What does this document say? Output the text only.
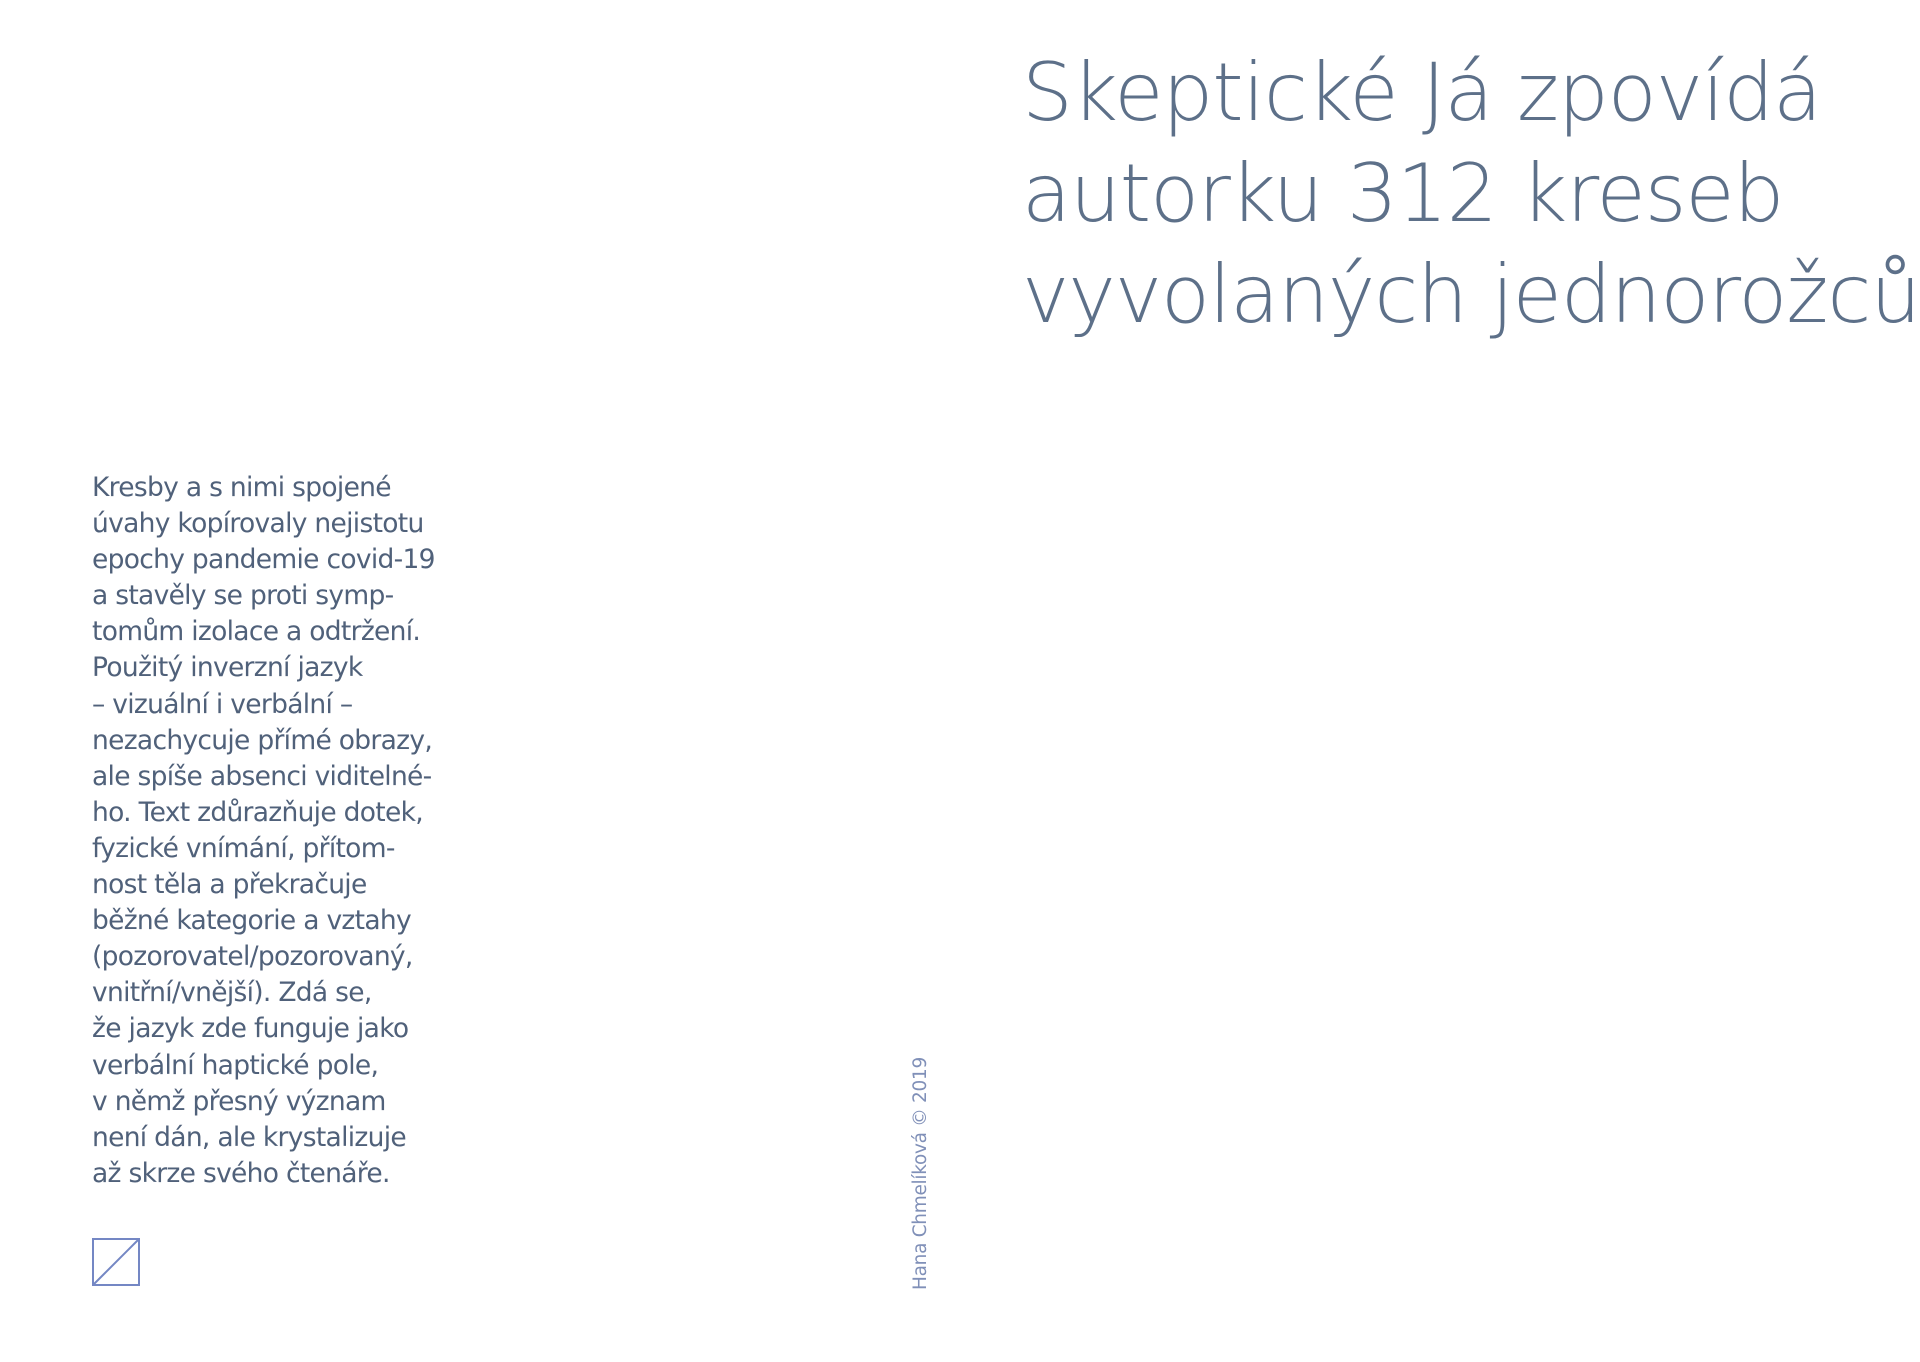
Skeptické Já zpovídá
autorku 312 kreseb
vyvolaných jednorožců

Kresby a s nimi spojené
úvahy kopírovaly nejistotu
epochy pandemie covid-19
a stavěly se proti symp-
tomům izolace a odtržení.
Použitý inverzní jazyk
– vizuální i verbální –
nezachycuje přímé obrazy,
ale spíše absenci viditelné-
ho. Text zdůrazňuje dotek,
fyzické vnímání, přítom-
nost těla a překračuje
běžné kategorie a vztahy
(pozorovatel/pozorovaný,
vnitřní/vnější). Zdá se,
že jazyk zde funguje jako
verbální haptické pole,
v němž přesný význam
není dán, ale krystalizuje
až skrze svého čtenáře.	Hana Chmelíková © 2019
